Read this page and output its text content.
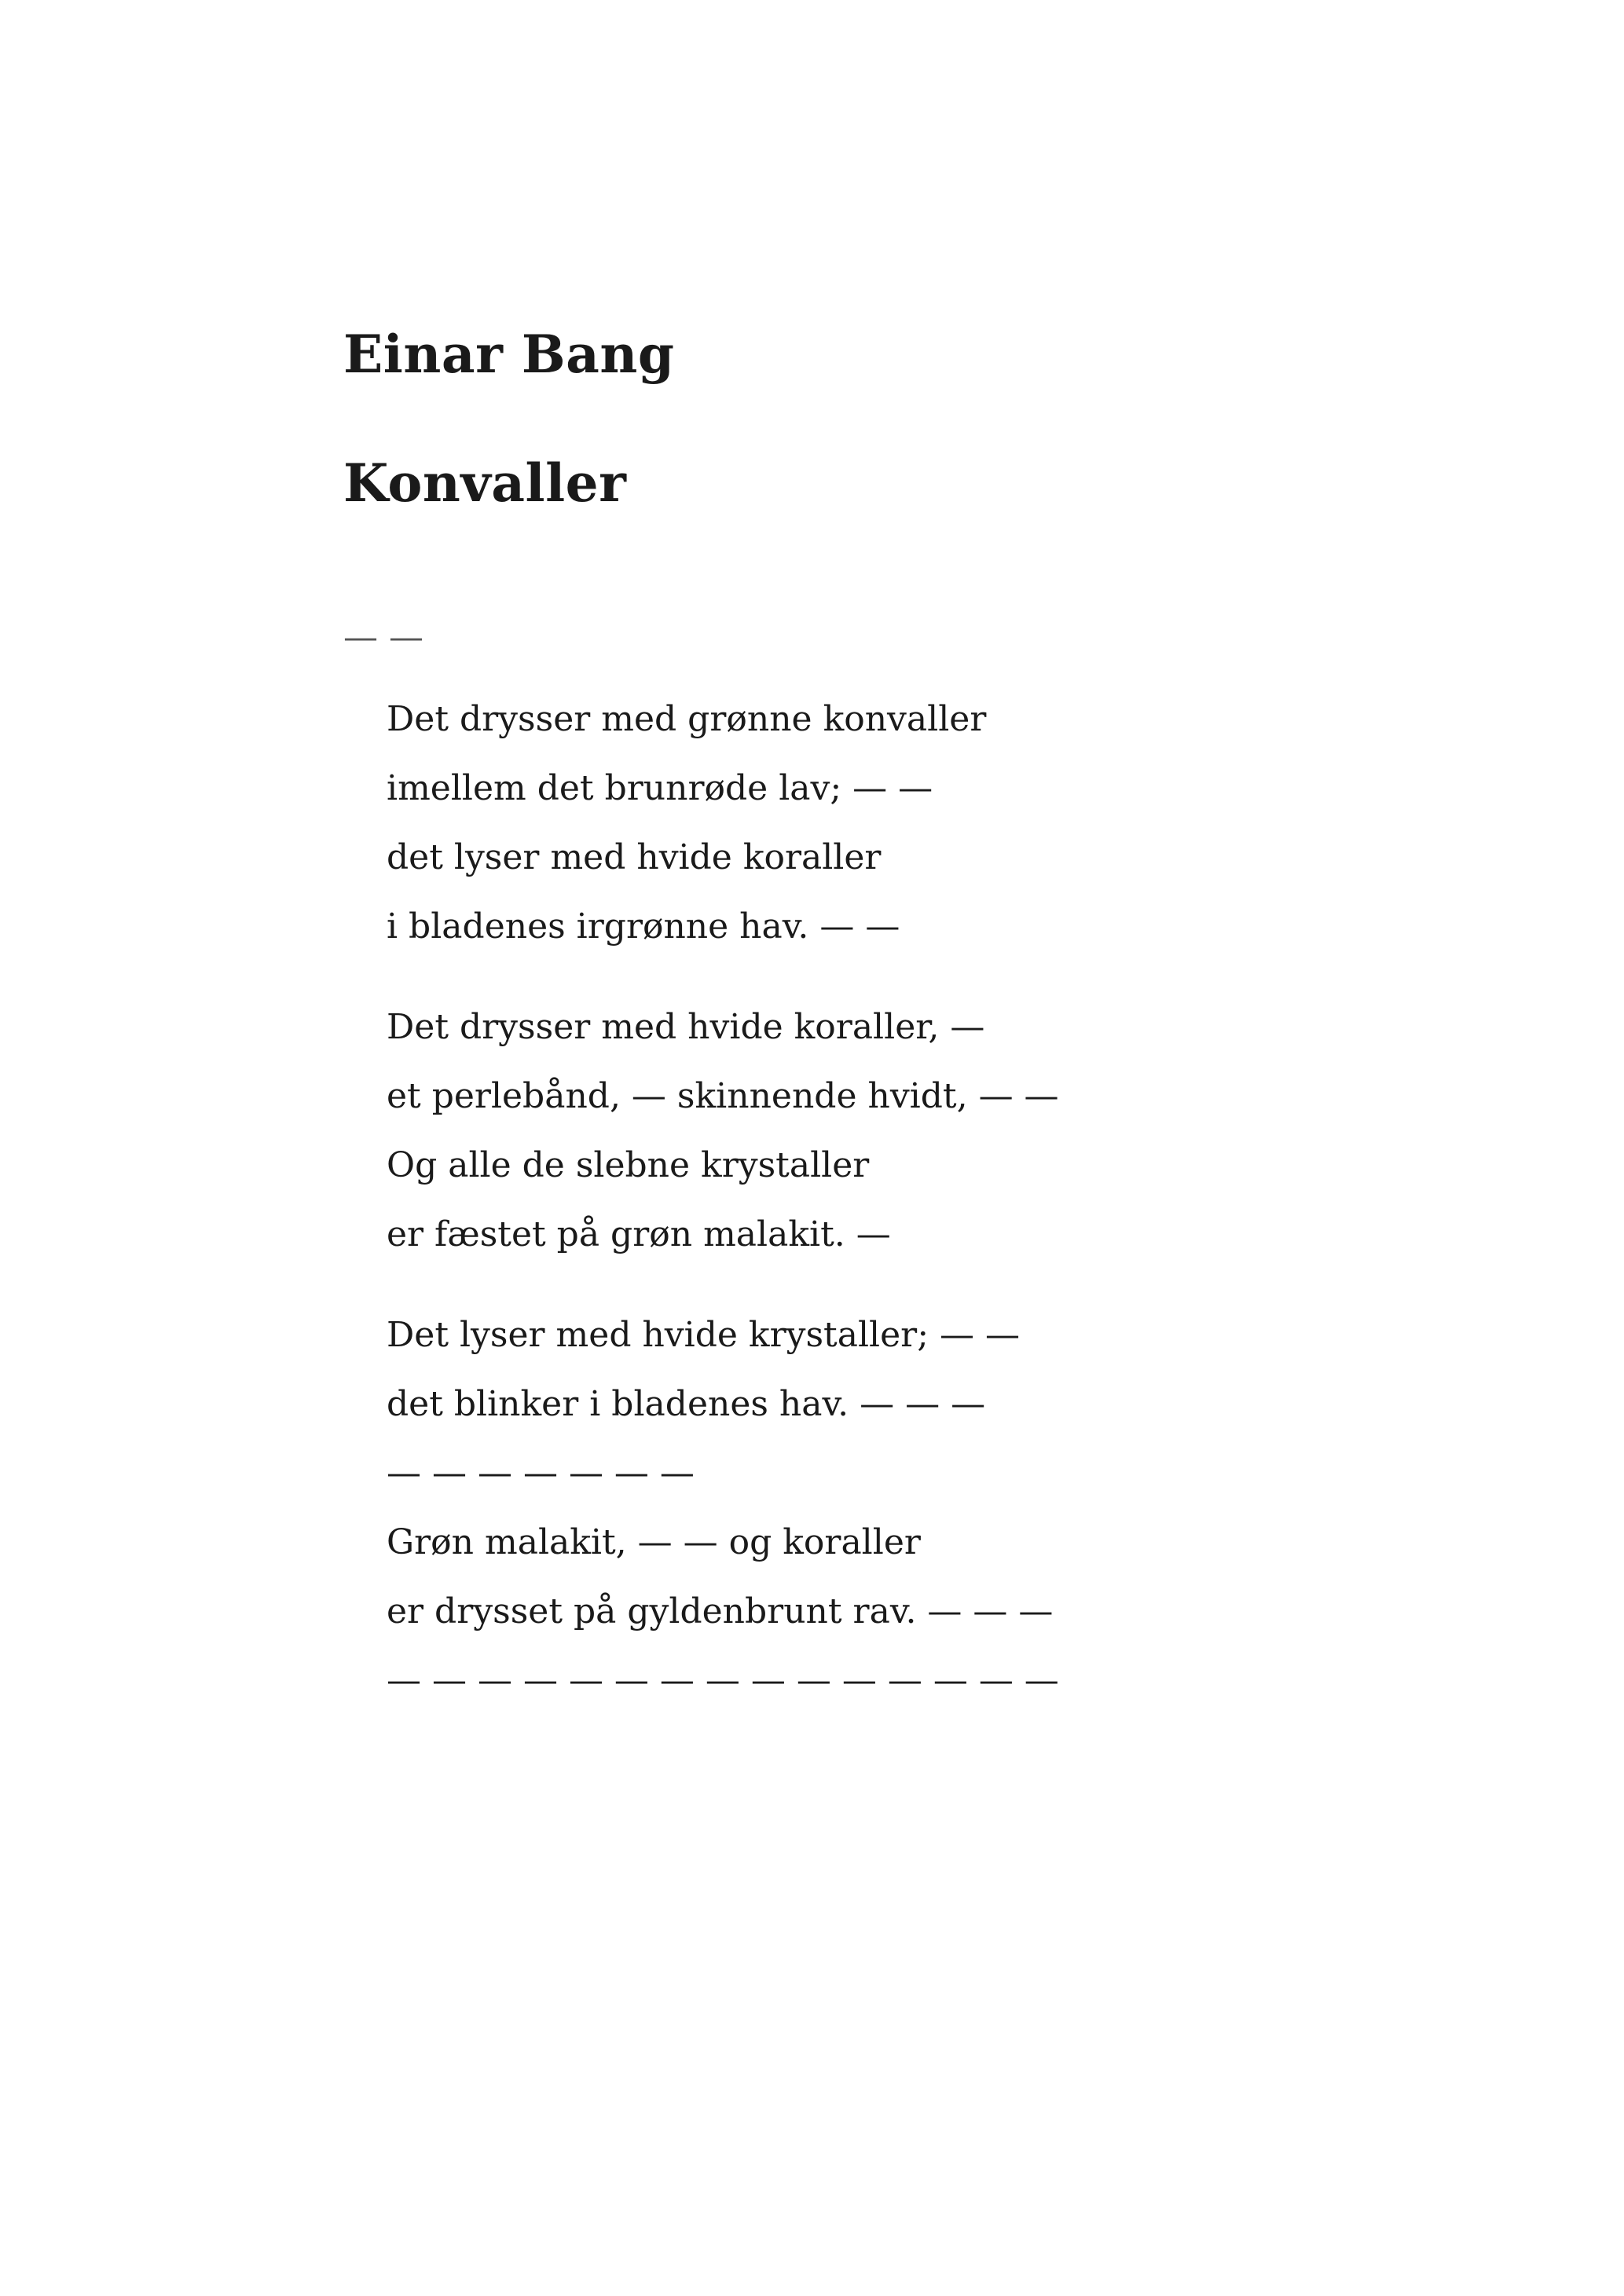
Einar Bang
Konvaller
— —
Det drysser med grønne konvaller
imellem det brunrøde lav; — —
det lyser med hvide koraller
i bladenes irgrønne hav. — —
Det drysser med hvide koraller, —
et perlebånd, — skinnende hvidt, — —
Og alle de slebne krystaller
er fæstet på grøn malakit. —
Det lyser med hvide krystaller; — —
det blinker i bladenes hav. — — —
— — — — — — —
Grøn malakit, — — og koraller
er drysset på gyldenbrunt rav. — — —
— — — — — — — — — — — — — — —
